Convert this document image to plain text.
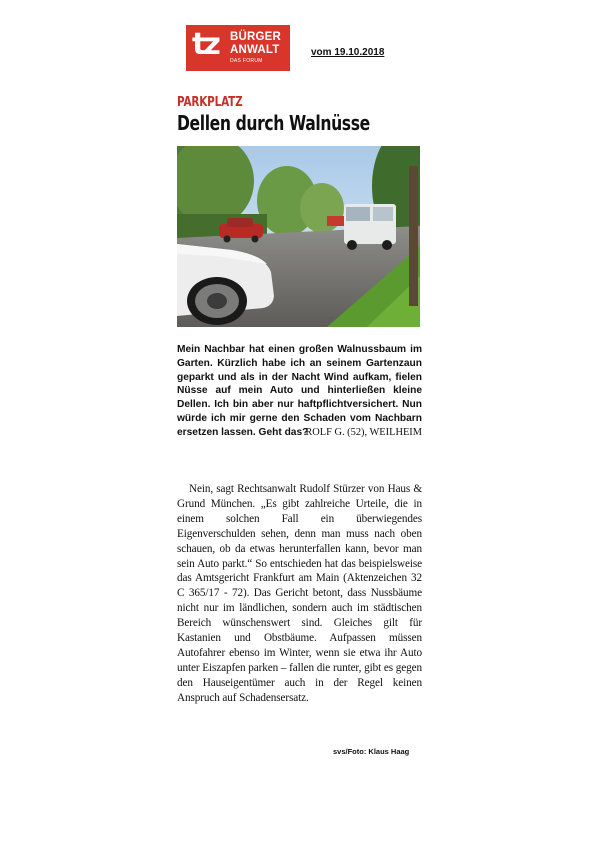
tz BÜRGER
ANWALT
DAS FORUM
vom 19.10.2018
PARKPLATZ
Dellen durch Walnüsse
Mein Nachbar hat einen großen Walnussbaum im Garten. Kürzlich habe ich an seinem Gartenzaun geparkt und als in der Nacht Wind aufkam, fielen Nüsse auf mein Auto und hinterließen kleine Dellen. Ich bin aber nur haftpflichtversichert. Nun würde ich mir gerne den Schaden vom Nachbarn ersetzen lassen. Geht das?
ROLF G. (52), WEILHEIM
Nein, sagt Rechtsanwalt Rudolf Stürzer von Haus & Grund München. „Es gibt zahlreiche Urteile, die in einem solchen Fall ein überwiegendes Eigenverschulden sehen, denn man muss nach oben schauen, ob da etwas herunterfallen kann, bevor man sein Auto parkt.“ So entschieden hat das beispielsweise das Amtsgericht Frankfurt am Main (Aktenzeichen 32 C 365/17 - 72). Das Gericht betont, dass Nussbäume nicht nur im ländlichen, sondern auch im städtischen Bereich wünschenswert sind. Gleiches gilt für Kastanien und Obstbäume. Aufpassen müssen Autofahrer ebenso im Winter, wenn sie etwa ihr Auto unter Eiszapfen parken – fallen die runter, gibt es gegen den Hauseigentümer auch in der Regel keinen Anspruch auf Schadensersatz.
svs/Foto: Klaus Haag
